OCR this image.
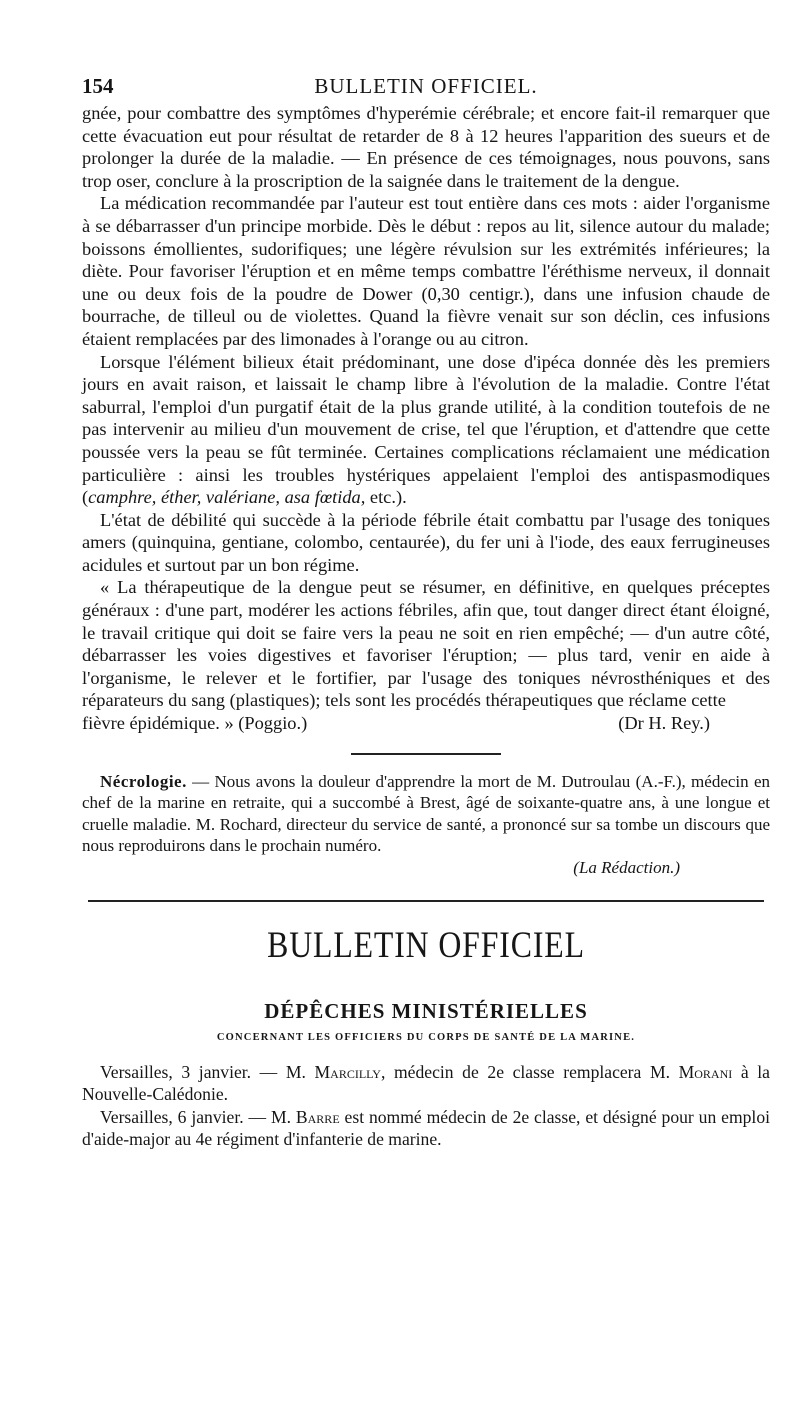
154	BULLETIN OFFICIEL.

gnée, pour combattre des symptômes d'hyperémie cérébrale; et encore fait-il remarquer que cette évacuation eut pour résultat de retarder de 8 à 12 heures l'apparition des sueurs et de prolonger la durée de la maladie. — En présence de ces témoignages, nous pouvons, sans trop oser, conclure à la proscription de la saignée dans le traitement de la dengue.

La médication recommandée par l'auteur est tout entière dans ces mots : aider l'organisme à se débarrasser d'un principe morbide. Dès le début : repos au lit, silence autour du malade; boissons émollientes, sudorifiques; une légère révulsion sur les extrémités inférieures; la diète. Pour favoriser l'éruption et en même temps combattre l'éréthisme nerveux, il donnait une ou deux fois de la poudre de Dower (0,30 centigr.), dans une infusion chaude de bourrache, de tilleul ou de violettes. Quand la fièvre venait sur son déclin, ces infusions étaient remplacées par des limonades à l'orange ou au citron.

Lorsque l'élément bilieux était prédominant, une dose d'ipéca donnée dès les premiers jours en avait raison, et laissait le champ libre à l'évolution de la maladie. Contre l'état saburral, l'emploi d'un purgatif était de la plus grande utilité, à la condition toutefois de ne pas intervenir au milieu d'un mouvement de crise, tel que l'éruption, et d'attendre que cette poussée vers la peau se fût terminée. Certaines complications réclamaient une médication particulière : ainsi les troubles hystériques appelaient l'emploi des antispasmodiques (camphre, éther, valériane, asa fœtida, etc.).

L'état de débilité qui succède à la période fébrile était combattu par l'usage des toniques amers (quinquina, gentiane, colombo, centaurée), du fer uni à l'iode, des eaux ferrugineuses acidules et surtout par un bon régime.

« La thérapeutique de la dengue peut se résumer, en définitive, en quelques préceptes généraux : d'une part, modérer les actions fébriles, afin que, tout danger direct étant éloigné, le travail critique qui doit se faire vers la peau ne soit en rien empêché; — d'un autre côté, débarrasser les voies digestives et favoriser l'éruption; — plus tard, venir en aide à l'organisme, le relever et le fortifier, par l'usage des toniques névrosthéniques et des réparateurs du sang (plastiques); tels sont les procédés thérapeutiques que réclame cette

fièvre épidémique. » (Poggio.)	(Dr H. Rey.)

Nécrologie. — Nous avons la douleur d'apprendre la mort de M. Dutroulau (A.-F.), médecin en chef de la marine en retraite, qui a succombé à Brest, âgé de soixante-quatre ans, à une longue et cruelle maladie. M. Rochard, directeur du service de santé, a prononcé sur sa tombe un discours que nous reproduirons dans le prochain numéro.

(La Rédaction.)
BULLETIN OFFICIEL
DÉPÊCHES MINISTÉRIELLES
CONCERNANT LES OFFICIERS DU CORPS DE SANTÉ DE LA MARINE.

Versailles, 3 janvier. — M. Marcilly, médecin de 2e classe remplacera M. Morani à la Nouvelle-Calédonie.

Versailles, 6 janvier. — M. Barre est nommé médecin de 2e classe, et désigné pour un emploi d'aide-major au 4e régiment d'infanterie de marine.
